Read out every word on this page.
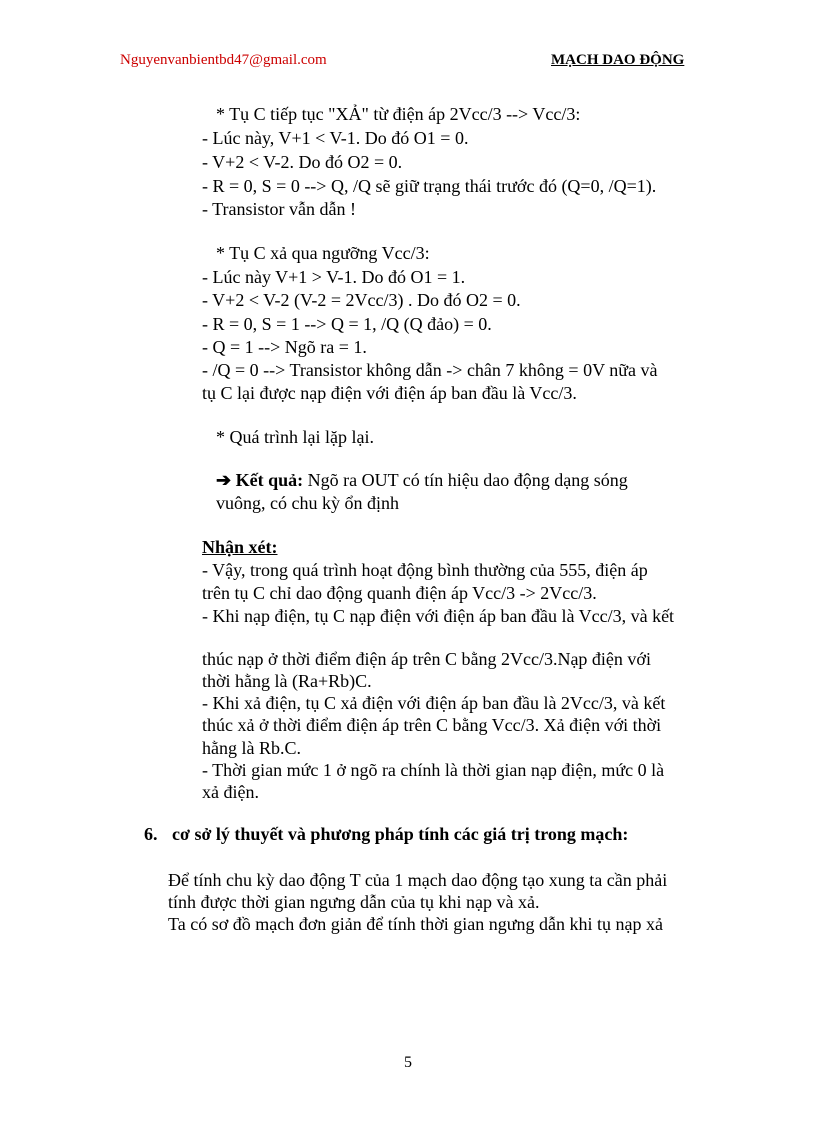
Nguyenvanbientbd47@gmail.com	MẠCH DAO ĐỘNG
* Tụ C tiếp tục "XẢ" từ điện áp 2Vcc/3 --> Vcc/3:
- Lúc này, V+1 < V-1. Do đó O1 = 0.
- V+2 < V-2. Do đó O2 = 0.
- R = 0, S = 0 --> Q, /Q sẽ giữ trạng thái trước đó (Q=0, /Q=1).
- Transistor vẫn dẫn !
* Tụ C xả qua ngưỡng Vcc/3:
- Lúc này V+1 > V-1. Do đó O1 = 1.
- V+2 < V-2 (V-2 = 2Vcc/3) . Do đó O2 = 0.
- R = 0, S = 1 --> Q = 1, /Q (Q đảo) = 0.
- Q = 1 --> Ngõ ra = 1.
- /Q = 0 --> Transistor không dẫn -> chân 7 không = 0V nữa và
tụ C lại được nạp điện với điện áp ban đầu là Vcc/3.
* Quá trình lại lặp lại.
➔ Kết quả: Ngõ ra OUT có tín hiệu dao động dạng sóng
vuông, có chu kỳ ổn định
Nhận xét:
- Vậy, trong quá trình hoạt động bình thường của 555, điện áp
trên tụ C chỉ dao động quanh điện áp Vcc/3 -> 2Vcc/3.
- Khi nạp điện, tụ C nạp điện với điện áp ban đầu là Vcc/3, và kết
thúc nạp ở thời điểm điện áp trên C bằng 2Vcc/3.Nạp điện với
thời hằng là (Ra+Rb)C.
- Khi xả điện, tụ C xả điện với điện áp ban đầu là 2Vcc/3, và kết
thúc xả ở thời điểm điện áp trên C bằng Vcc/3. Xả điện với thời
hằng là Rb.C.
- Thời gian mức 1 ở ngõ ra chính là thời gian nạp điện, mức 0 là
xả điện.
6. cơ sở lý thuyết và phương pháp tính các giá trị trong mạch:
Để tính chu kỳ dao động T của 1 mạch dao động tạo xung ta cần phải
tính được thời gian ngưng dẫn của tụ khi nạp và xả.
Ta có sơ đồ mạch đơn giản để tính thời gian ngưng dẫn khi tụ nạp xả
5
